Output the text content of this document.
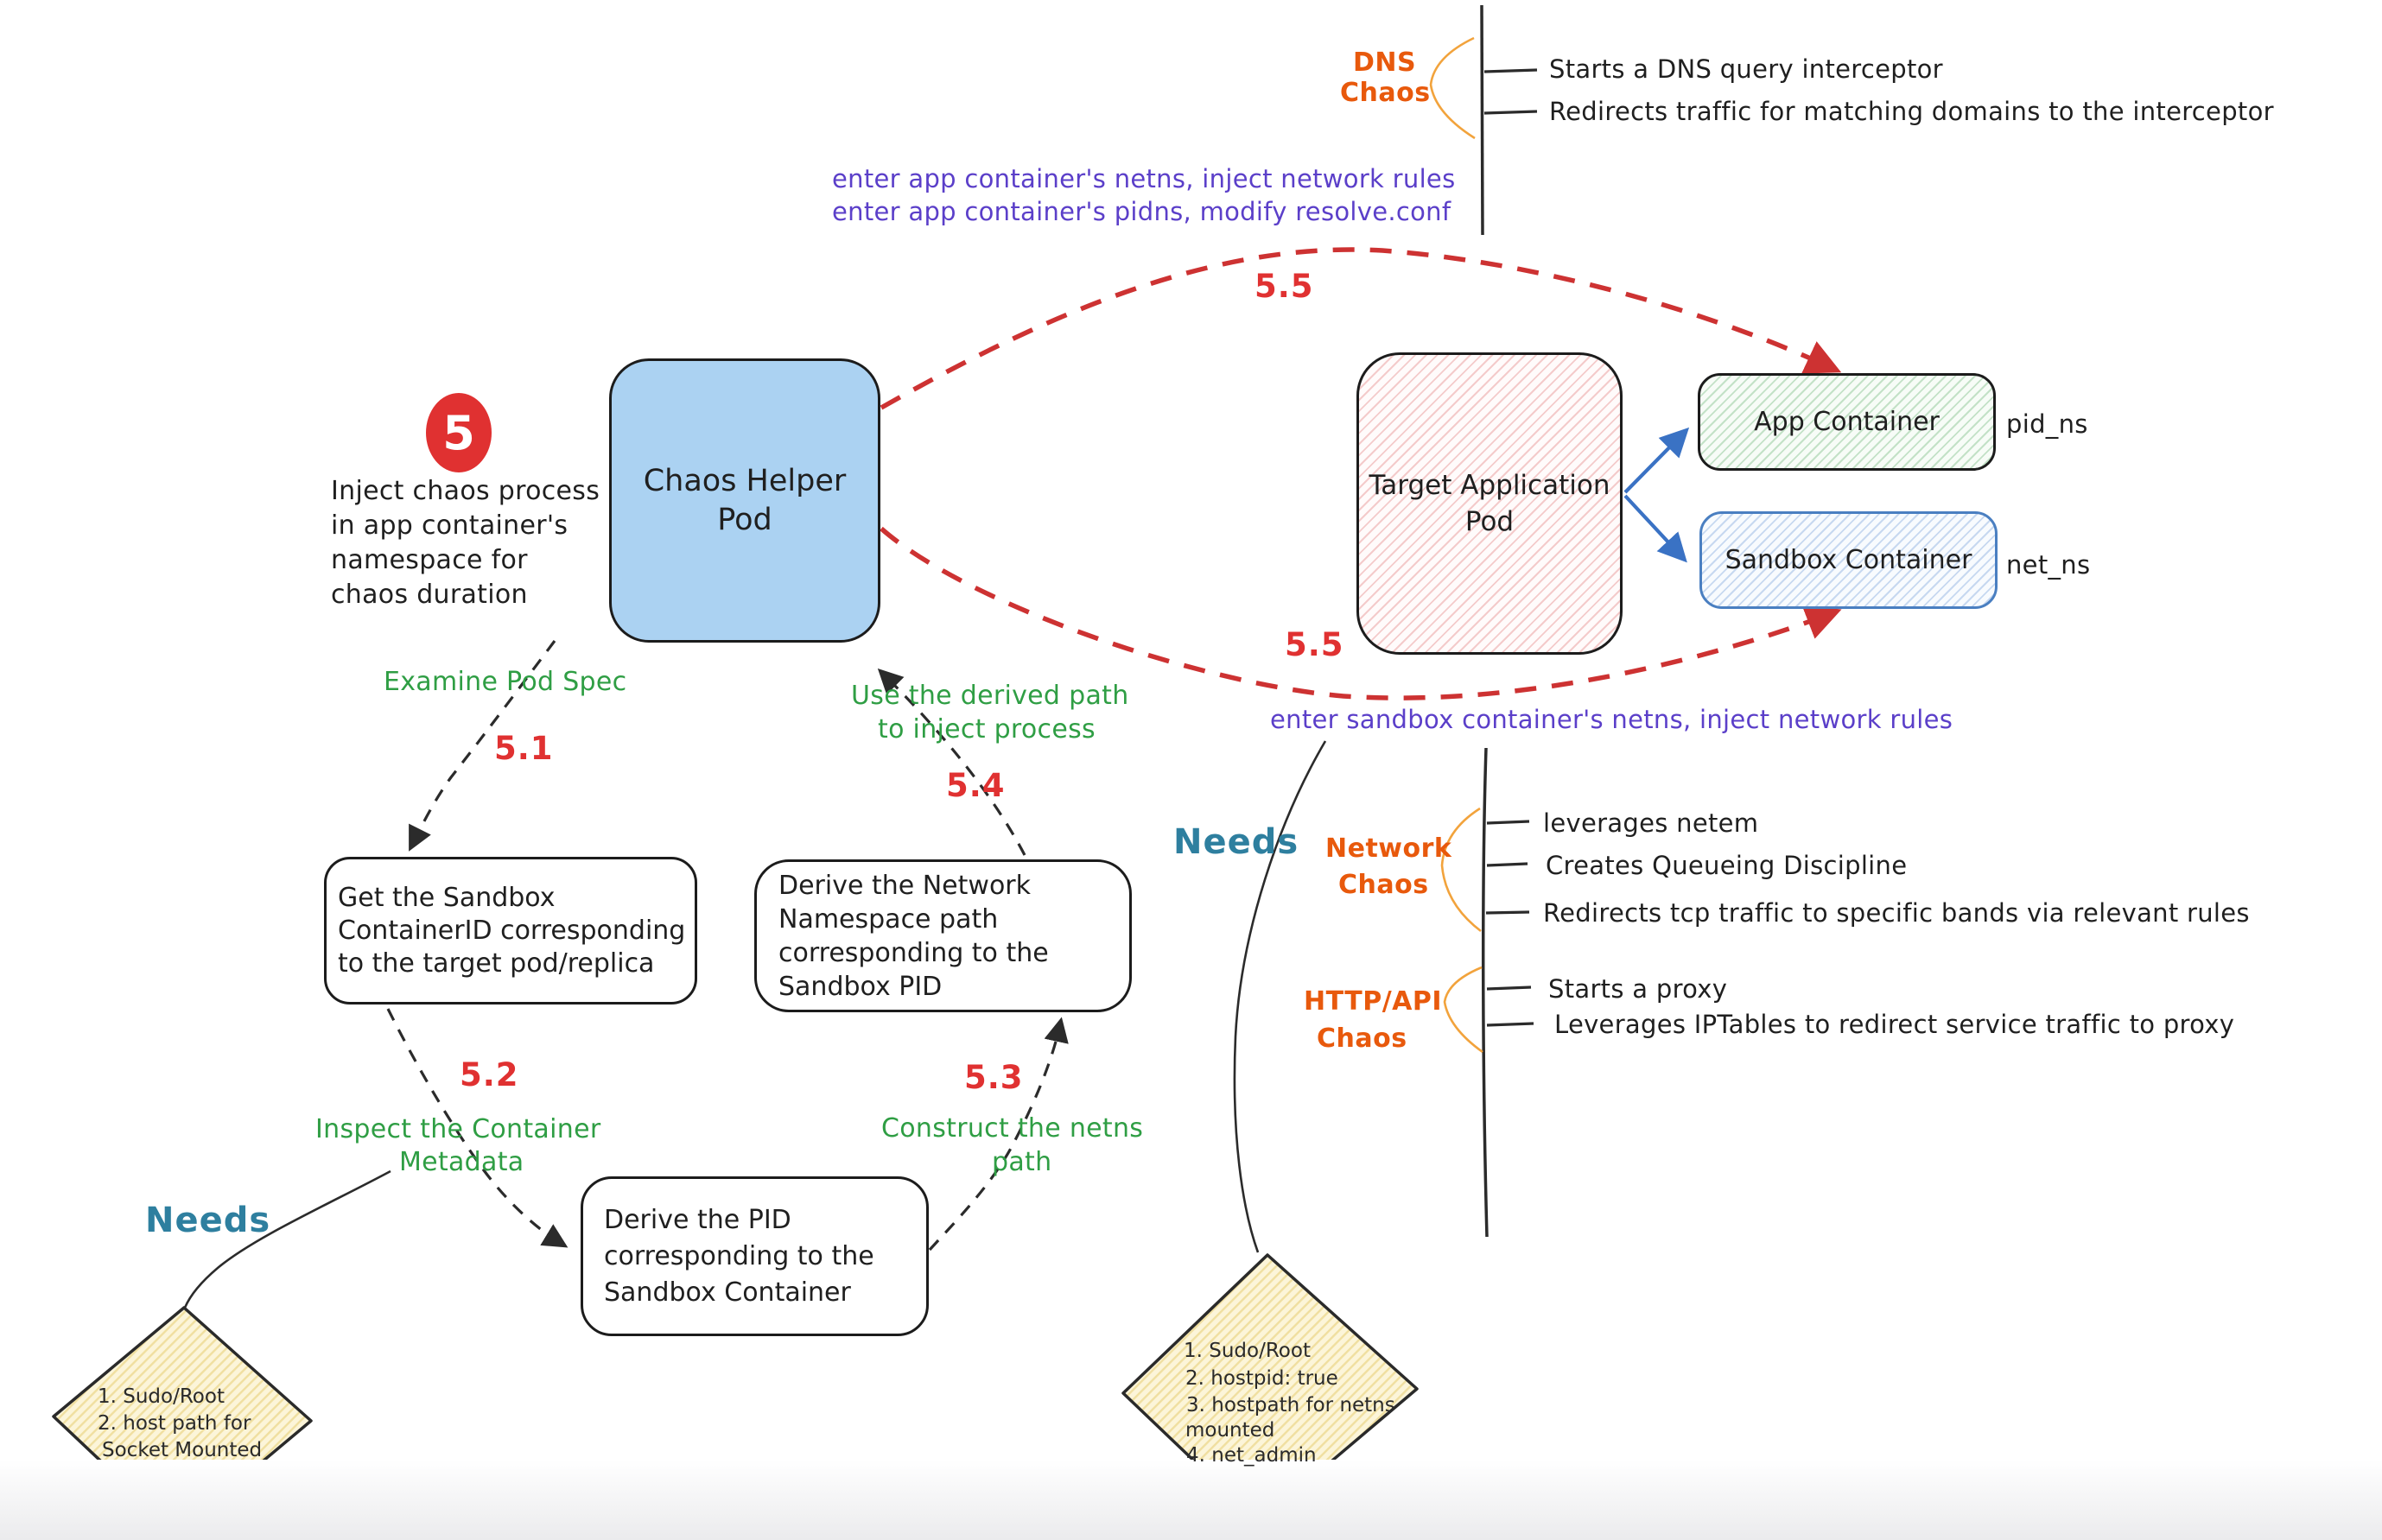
5
Inject chaos process
in app container's
namespace for
chaos duration
Chaos Helper
Pod
Target Application
Pod
App Container	pid_ns
Sandbox Container net_ns
Get the Sandbox
ContainerID corresponding
to the target pod/replica
Derive the Network
Namespace path
corresponding to the
Sandbox PID
Derive the PID
corresponding to the
Sandbox Container
Examine Pod Spec
5.1
5.2
Inspect the Container
Metadata
5.3
Construct the netns
path
Use the derived path
to inject process
5.4
5.5
5.5
enter app container's netns, inject network rules
enter app container's pidns, modify resolve.conf
enter sandbox container's netns, inject network rules
DNS
Chaos
Starts a DNS query interceptor
Redirects traffic for matching domains to the interceptor
Network
Chaos
leverages netem
Creates Queueing Discipline
Redirects tcp traffic to specific bands via relevant rules
HTTP/API
Chaos
Starts a proxy
Leverages IPTables to redirect service traffic to proxy
Needs
1. Sudo/Root
2. host path for
Socket Mounted
Needs
1. Sudo/Root
2. hostpid: true
3. hostpath for netns
mounted
4. net_admin
